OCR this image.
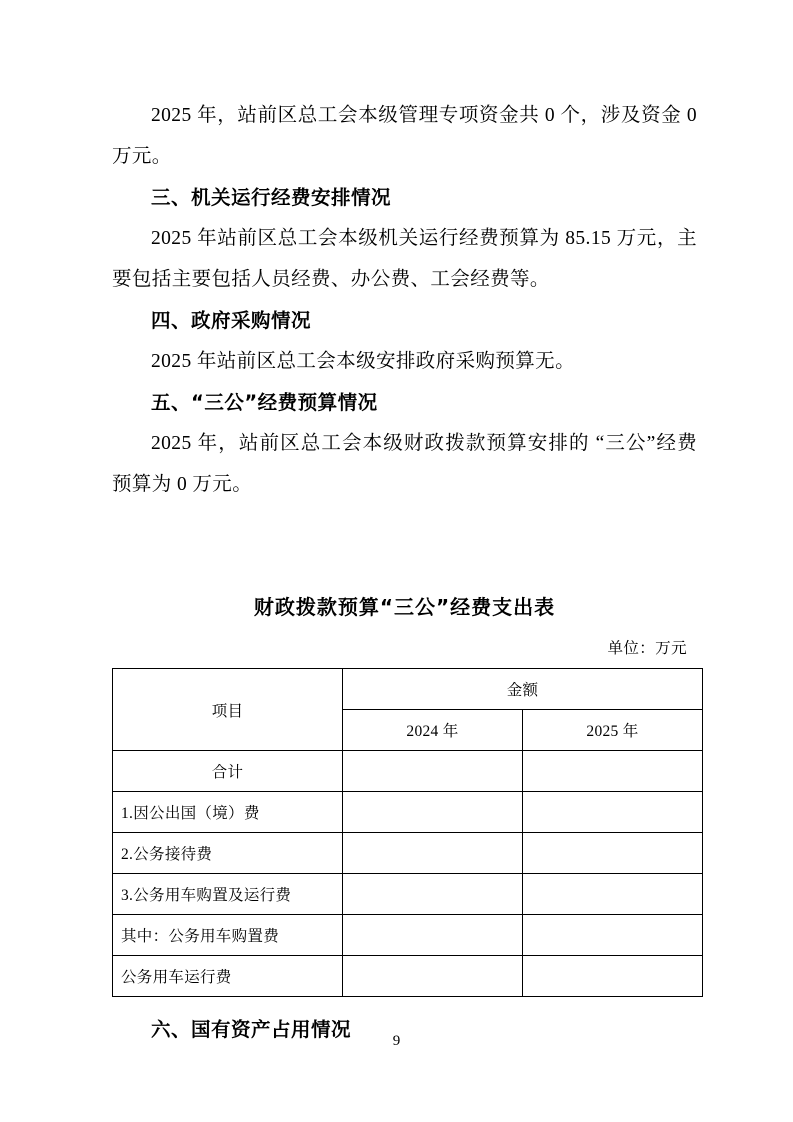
2025 年，站前区总工会本级管理专项资金共 0 个，涉及资金 0 万元。

三、机关运行经费安排情况

2025 年站前区总工会本级机关运行经费预算为 85.15 万元，主要包括主要包括人员经费、办公费、工会经费等。

四、政府采购情况

2025 年站前区总工会本级安排政府采购预算无。

五、“三公”经费预算情况

2025 年，站前区总工会本级财政拨款预算安排的 “三公”经费预算为 0 万元。

财政拨款预算“三公”经费支出表
单位：万元
项目	金额	
	2024 年	2025 年
合计		
1.因公出国（境）费		
2.公务接待费		
3.公务用车购置及运行费		
其中：公务用车购置费		
公务用车运行费		

六、国有资产占用情况	9
